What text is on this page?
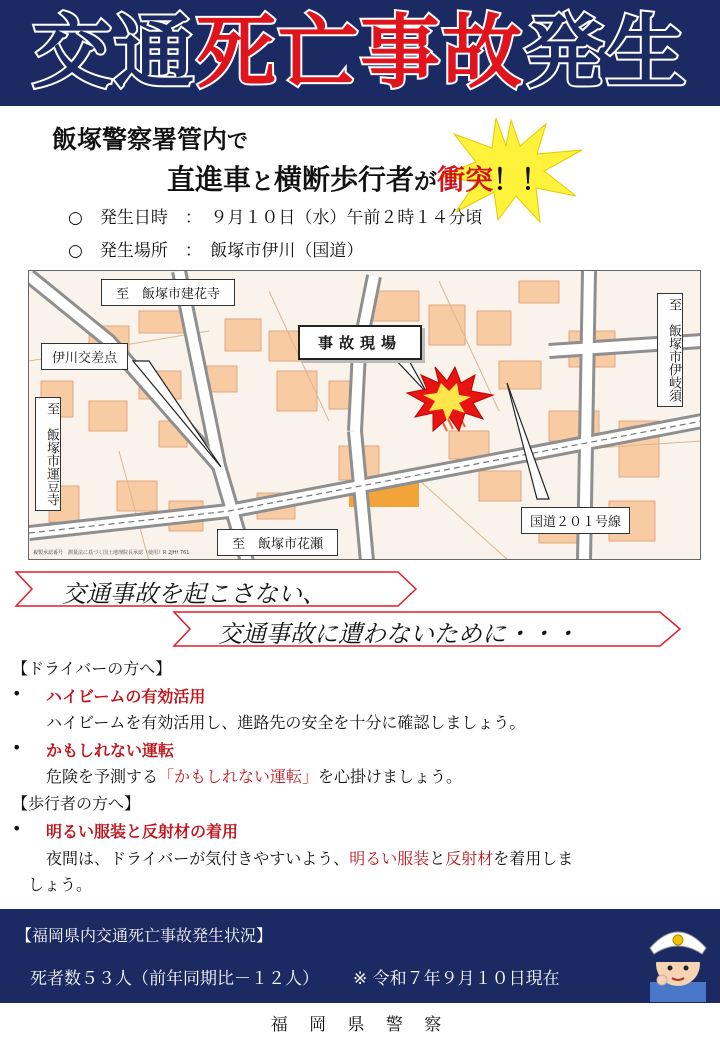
交通死亡事故発生
飯塚警察署管内で
直進車と横断歩行者が衝突！！
○　 発生日時　 ：　 ９月１０日（水）午前２時１４分頃
○　 発生場所　 ：　 飯塚市伊川（国道）
至　飯塚市建花寺
伊川交差点
事故現場	至　飯塚市伊岐須
至　飯塚市運豆寺
国道２０１号線
至　飯塚市花瀬
複製承認番号　測量法に基づく国土地理院長承認（使用）R 2JHf 761
交通事故を起こさない、
交通事故に遭わないために・・・
【ドライバーの方へ】
• ハイビームの有効活用
ハイビームを有効活用し、進路先の安全を十分に確認しましょう。
• かもしれない運転
危険を予測する「かもしれない運転」を心掛けましょう。
【歩行者の方へ】
• 明るい服装と反射材の着用
夜間は、ドライバーが気付きやすいよう、明るい服装と反射材を着用しま
しょう。
【福岡県内交通死亡事故発生状況】
死者数５３人（前年同期比－１２人） ※ 令和７年９月１０日現在
福 岡 県 警 察
